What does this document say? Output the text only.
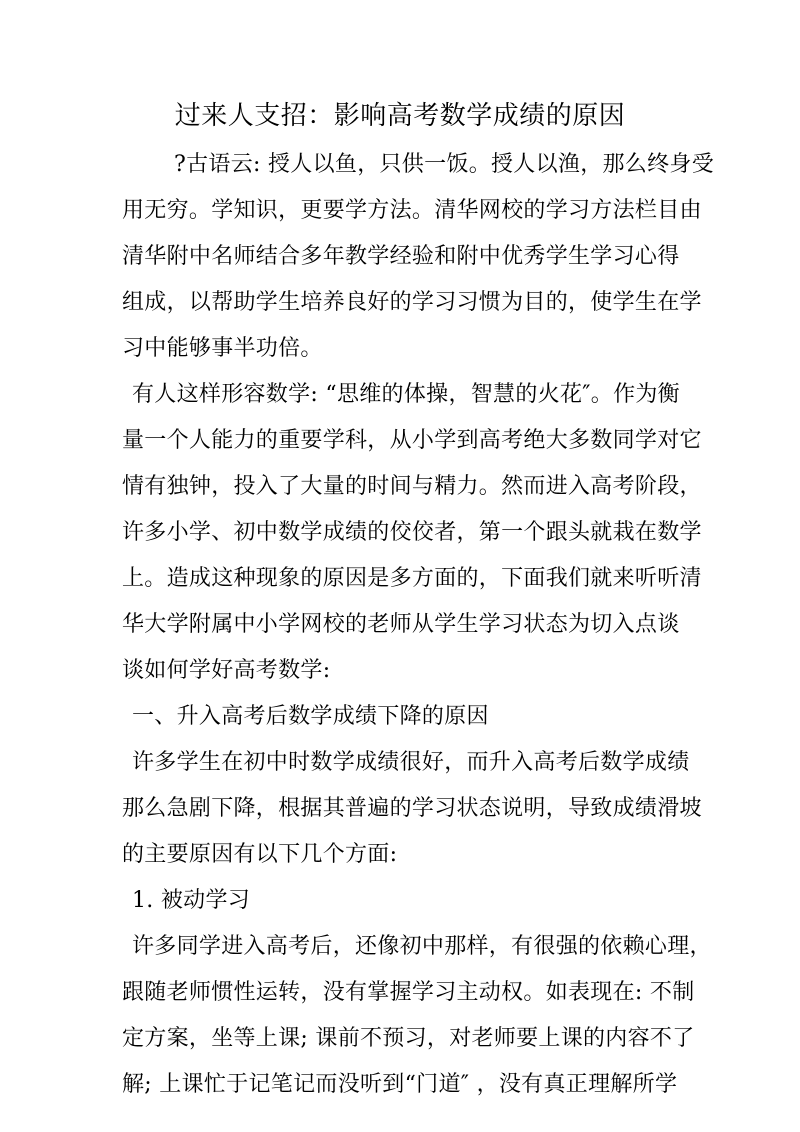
过来人支招：影响高考数学成绩的原因
?古语云: 授人以鱼，只供一饭。授人以渔，那么终身受
用无穷。学知识，更要学方法。清华网校的学习方法栏目由
清华附中名师结合多年教学经验和附中优秀学生学习心得
组成，以帮助学生培养良好的学习习惯为目的，使学生在学
习中能够事半功倍。
有人这样形容数学: “思维的体操，智慧的火花″。作为衡
量一个人能力的重要学科，从小学到高考绝大多数同学对它
情有独钟，投入了大量的时间与精力。然而进入高考阶段，
许多小学、初中数学成绩的佼佼者，第一个跟头就栽在数学
上。造成这种现象的原因是多方面的，下面我们就来听听清
华大学附属中小学网校的老师从学生学习状态为切入点谈
谈如何学好高考数学:
一、升入高考后数学成绩下降的原因
许多学生在初中时数学成绩很好，而升入高考后数学成绩
那么急剧下降，根据其普遍的学习状态说明，导致成绩滑坡
的主要原因有以下几个方面:
1. 被动学习
许多同学进入高考后，还像初中那样，有很强的依赖心理，
跟随老师惯性运转，没有掌握学习主动权。如表现在: 不制
定方案，坐等上课; 课前不预习，对老师要上课的内容不了
解; 上课忙于记笔记而没听到“门道″ ，没有真正理解所学
